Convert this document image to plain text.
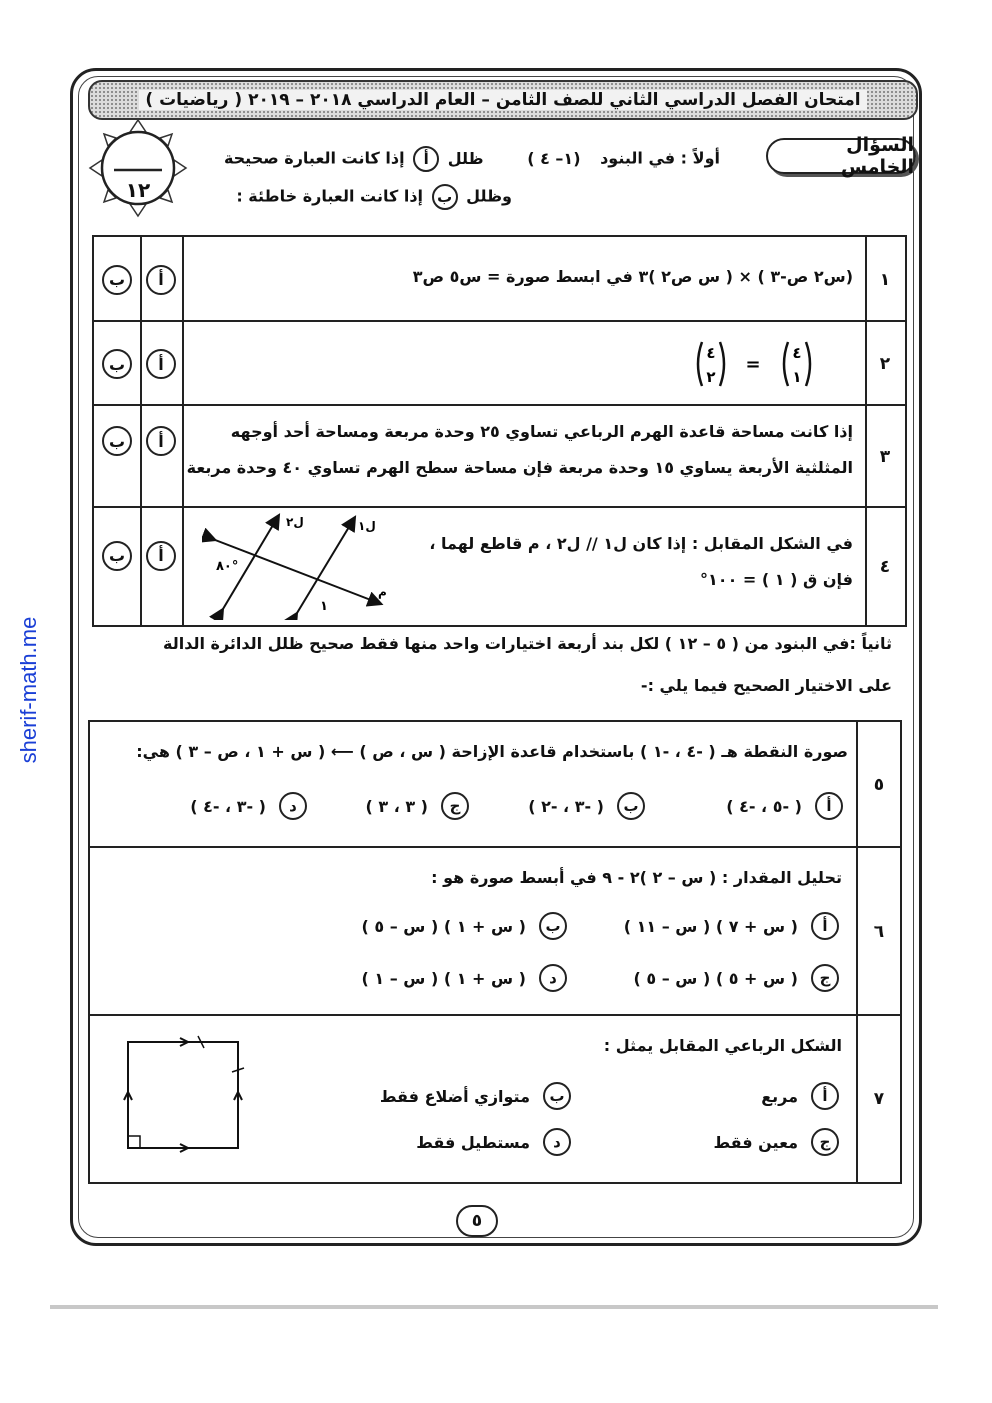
امتحان الفصل الدراسي الثاني للصف الثامن – العام الدراسي ٢٠١٨ – ٢٠١٩ ( رياضيات )
sherif-math.me
١٢
السؤال الخامس
أولاً : في البنود (١– ٤ ) ظلل أ إذا كانت العبارة صحيحة
وظلل ب إذا كانت العبارة خاطئة :
١
(س٢ ص-٣ ) × ( س ص٢ )٣ في ابسط صورة = س٥ ص٣
ب	أ
٢
٤
١
=
٤
٢
ب	أ
٣
إذا كانت مساحة قاعدة الهرم الرباعي تساوي ٢٥ وحدة مربعة ومساحة أحد أوجهه
المثلثية الأربعة يساوي ١٥ وحدة مربعة فإن مساحة سطح الهرم تساوي ٤٠ وحدة مربعة
ب	أ
٤
في الشكل المقابل : إذا كان ل١ // ل٢ ، م قاطع لهما ،
فإن ق ( ١ ) = ١٠٠°
ل٢	ل١
م
٨٠°
١
ب	أ
ثانياً :في البنود من ( ٥ – ١٢ ) لكل بند أربعة اختيارات واحد منها فقط صحيح ظلل الدائرة الدالة
على الاختيار الصحيح فيما يلي :-
٥
صورة النقطة هـ ( -٤ ، -١ ) باستخدام قاعدة الإزاحة ( س ، ص ) ⟵ ( س + ١ ، ص – ٣ ) هي:
أ
( -٥ ، -٤ )
ب
( -٣ ، -٢ )
ج
( ٣ ، ٣ )
د
( -٣ ، -٤ )
٦
تحليل المقدار : ( س – ٢ )٢ - ٩ في أبسط صورة هو :
أ
( س + ٧ ) ( س – ١١ )
ب
( س + ١ ) ( س – ٥ )
ج
( س + ٥ ) ( س – ٥ )
د
( س + ١ ) ( س – ١ )
٧
الشكل الرباعي المقابل يمثل :
أ
مربع
ب
متوازي أضلاع فقط
ج
معين فقط
د
مستطيل فقط
٥
